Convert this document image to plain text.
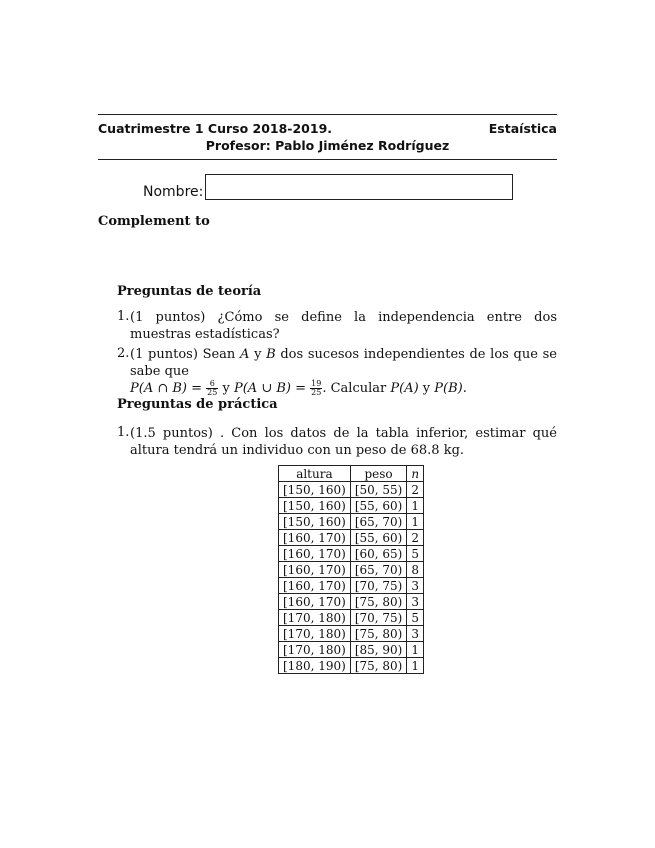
Cuatrimestre 1 Curso 2018-2019.	Estaística
Profesor: Pablo Jiménez Rodríguez
Nombre:
Complement to
Preguntas de teoría
1. (1 puntos) ¿Cómo se define la independencia entre dos muestras estadísticas?
2. (1 puntos) Sean A y B dos sucesos independientes de los que se sabe que
P(A ∩ $B) = \frac{6}{25}$ y P(A ∪ $B) = \frac{19}{25}$ . Calcular P(A) y P(B).
Preguntas de práctica
1. (1.5 puntos) . Con los datos de la tabla inferior, estimar qué altura tendrá un individuo con un peso de 68.8 kg.
altura	peso	n
[150, 160)	[50, 55)	2
[150, 160)	[55, 60)	1
[150, 160)	[65, 70)	1
[160, 170)	[55, 60)	2
[160, 170)	[60, 65)	5
[160, 170)	[65, 70)	8
[160, 170)	[70, 75)	3
[160, 170)	[75, 80)	3
[170, 180)	[70, 75)	5
[170, 180)	[75, 80)	3
[170, 180)	[85, 90)	1
[180, 190)	[75, 80)	1
